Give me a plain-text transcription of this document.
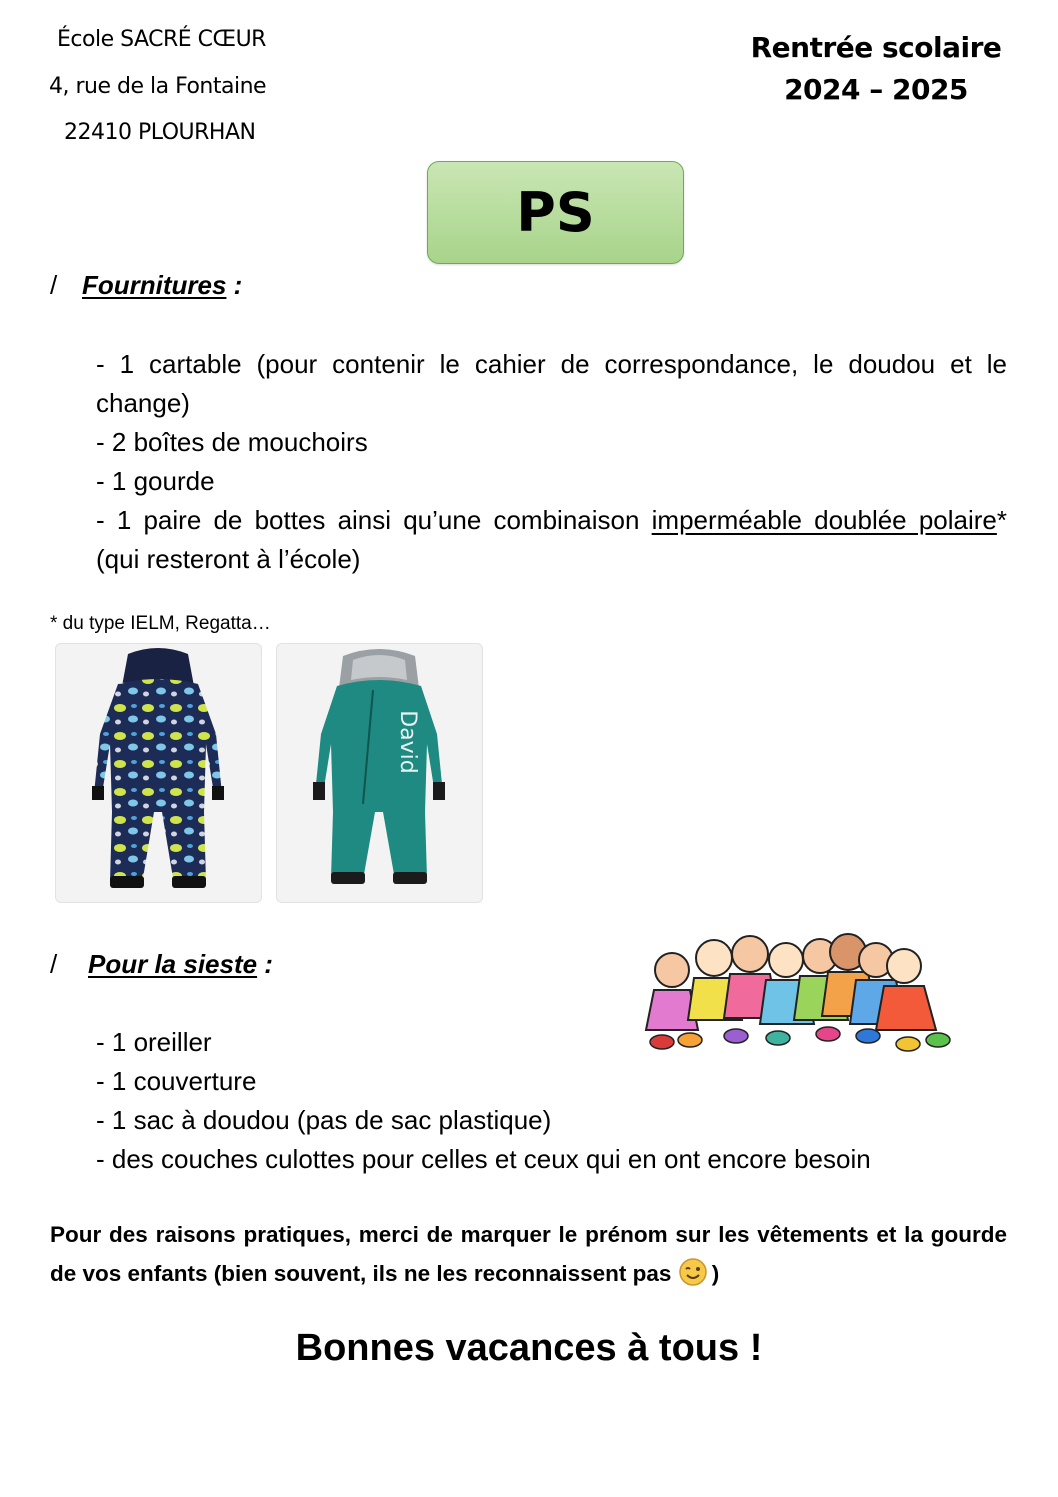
École SACRÉ CŒUR
4, rue de la Fontaine
22410 PLOURHAN
Rentrée scolaire
2024 – 2025
PS
/ Fournitures :
- 1 cartable (pour contenir le cahier de correspondance, le doudou et le change)
- 2 boîtes de mouchoirs
- 1 gourde
- 1 paire de bottes ainsi qu’une combinaison imperméable doublée polaire* (qui resteront à l’école)
* du type IELM, Regatta…
David
/ Pour la sieste :
- 1 oreiller
- 1 couverture
- 1 sac à doudou (pas de sac plastique)
- des couches culottes pour celles et ceux qui en ont encore besoin
Pour des raisons pratiques, merci de marquer le prénom sur les vêtements et la gourde de vos enfants (bien souvent, ils ne les reconnaissent pas )
Bonnes vacances à tous !
